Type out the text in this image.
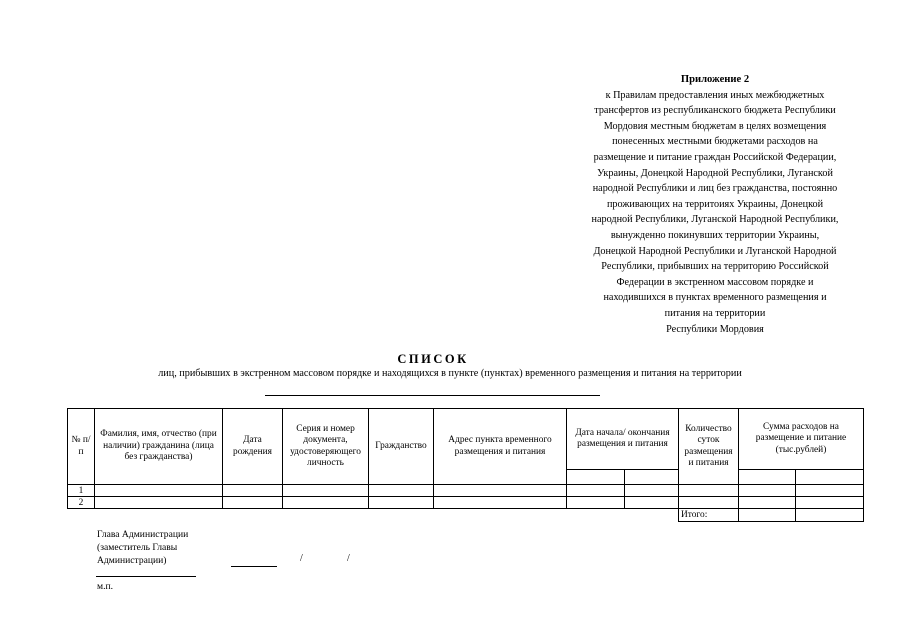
Приложение 2
к Правилам предоставления иных межбюджетных
трансфертов из республиканского бюджета Республики
Мордовия местным бюджетам в целях возмещения
понесенных местными бюджетами расходов на
размещение и питание граждан Российской Федерации,
Украины, Донецкой Народной Республики, Луганской
народной Республики и лиц без гражданства, постоянно
проживающих на территоиях Украины, Донецкой
народной Республики, Луганской Народной Республики,
вынужденно покинувших территории Украины,
Донецкой Народной Республики и Луганской Народной
Республики, прибывших на территорию Российской
Федерации в экстренном массовом порядке и
находившихся в пунктах временного размещения и
питания на территории
Республики Мордовия
СПИСОК
лиц, прибывших в экстренном массовом порядке и находящихся в пункте (пунктах) временного размещения и питания на территории
№ п/п	Фамилия, имя, отчество (при наличии) гражданина (лица без гражданства)	Дата рождения	Серия и номер документа, удостоверяющего личность	Гражданство	Адрес пункта временного размещения и питания	Дата начала/ окончания размещения и питания		Количество суток размещения и питания	Сумма расходов на размещение и питание (тыс.рублей)	

1										
2										
								Итого:		
Глава Администрации
(заместитель Главы
Администрации)	/	/
м.п.
